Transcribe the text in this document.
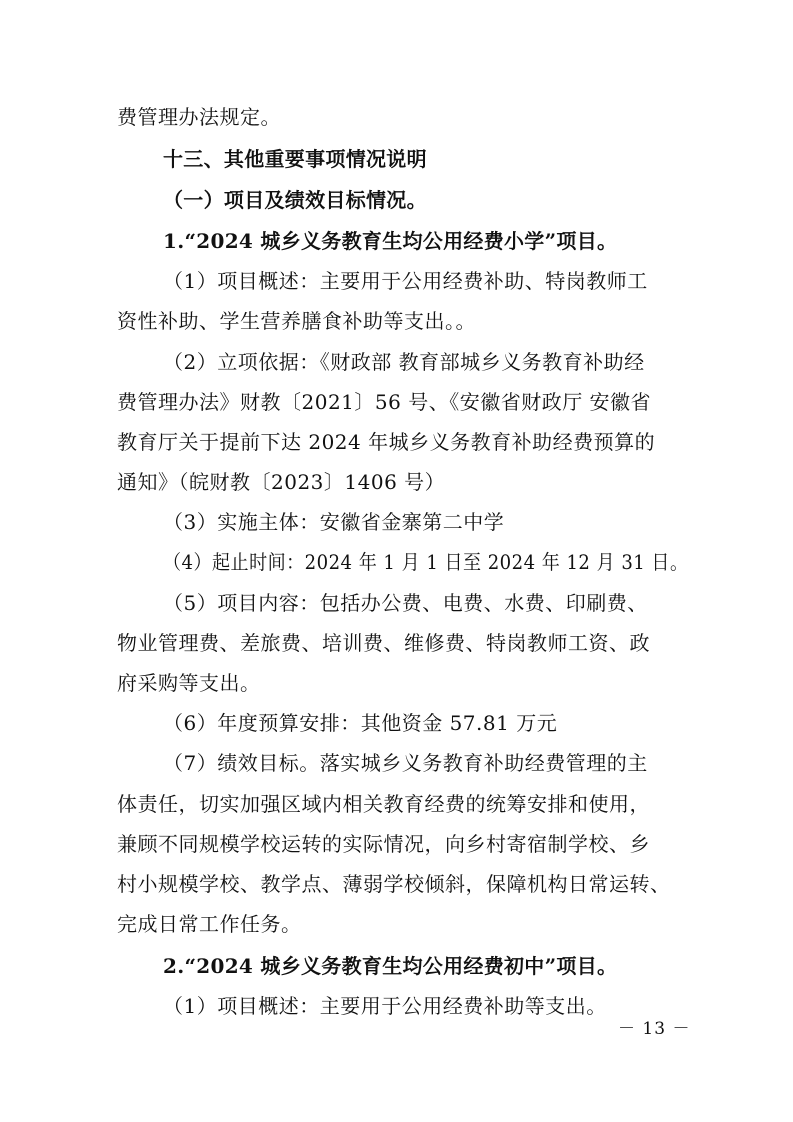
费管理办法规定。
十三、其他重要事项情况说明
（一）项目及绩效目标情况。
1.“2024 城乡义务教育生均公用经费小学”项目。
（1）项目概述：主要用于公用经费补助、特岗教师工
资性补助、学生营养膳食补助等支出。。
（2）立项依据：《财政部 教育部城乡义务教育补助经
费管理办法》财教〔2021〕56 号、《安徽省财政厅 安徽省
教育厅关于提前下达 2024 年城乡义务教育补助经费预算的
通知》（皖财教〔2023〕1406 号）
（3）实施主体：安徽省金寨第二中学
（4）起止时间：2024 年 1 月 1 日至 2024 年 12 月 31 日。
（5）项目内容：包括办公费、电费、水费、印刷费、
物业管理费、差旅费、培训费、维修费、特岗教师工资、政
府采购等支出。
（6）年度预算安排：其他资金 57.81 万元
（7）绩效目标。落实城乡义务教育补助经费管理的主
体责任，切实加强区域内相关教育经费的统筹安排和使用，
兼顾不同规模学校运转的实际情况，向乡村寄宿制学校、乡
村小规模学校、教学点、薄弱学校倾斜，保障机构日常运转、
完成日常工作任务。
2.“2024 城乡义务教育生均公用经费初中”项目。
（1）项目概述：主要用于公用经费补助等支出。
－ 13 －
